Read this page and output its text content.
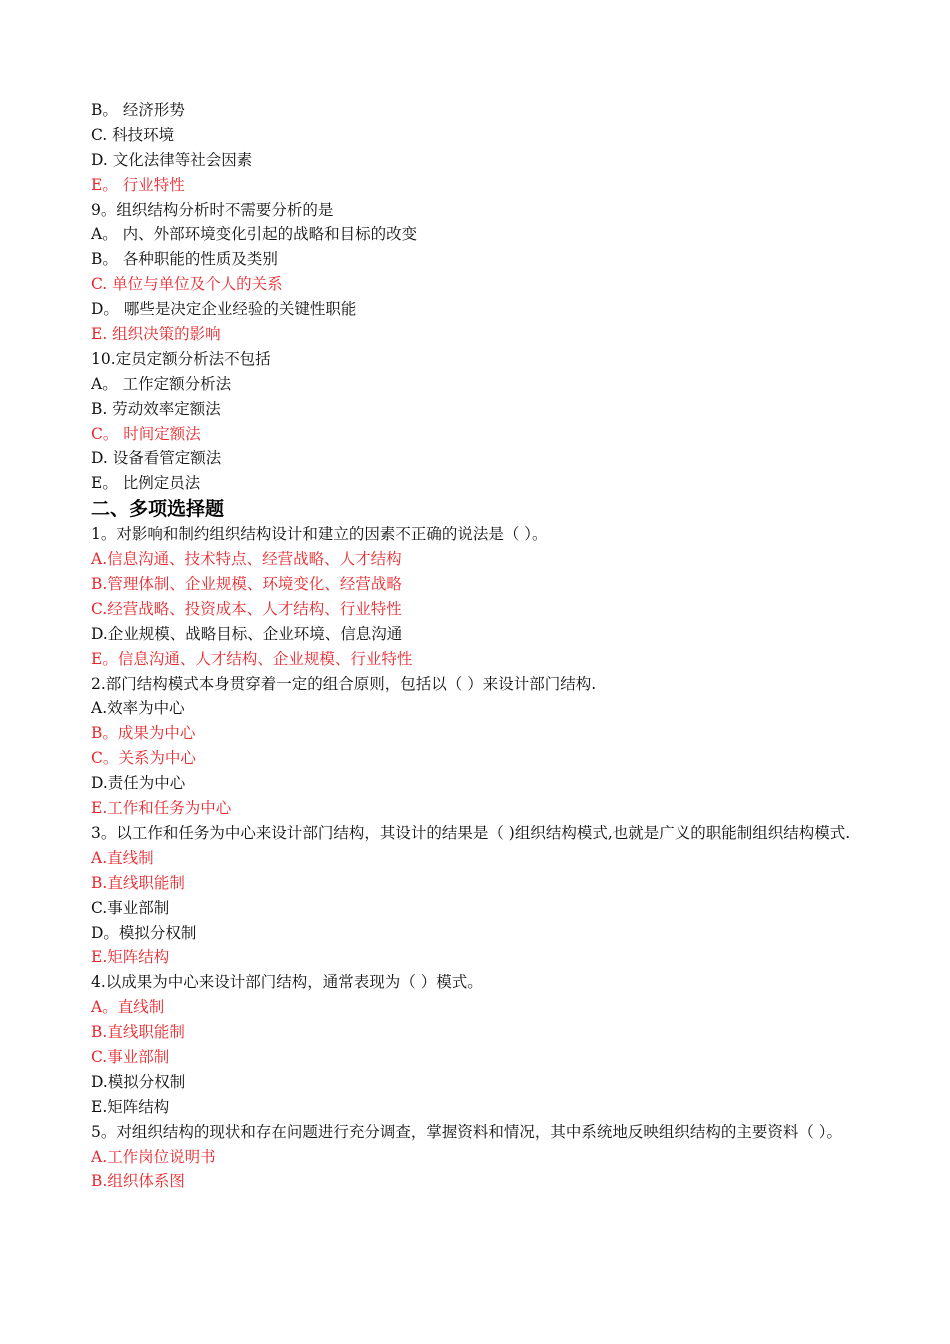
B。 经济形势
C. 科技环境
D. 文化法律等社会因素
E。 行业特性
9。组织结构分析时不需要分析的是
A。 内、外部环境变化引起的战略和目标的改变
B。 各种职能的性质及类别
C. 单位与单位及个人的关系
D。 哪些是决定企业经验的关键性职能
E. 组织决策的影响
10.定员定额分析法不包括
A。 工作定额分析法
B. 劳动效率定额法
C。 时间定额法
D. 设备看管定额法
E。 比例定员法
二、多项选择题
1。对影响和制约组织结构设计和建立的因素不正确的说法是（ ）。
A.信息沟通、技术特点、经营战略、人才结构
B.管理体制、企业规模、环境变化、经营战略
C.经营战略、投资成本、人才结构、行业特性
D.企业规模、战略目标、企业环境、信息沟通
E。信息沟通、人才结构、企业规模、行业特性
2.部门结构模式本身贯穿着一定的组合原则，包括以（ ）来设计部门结构.
A.效率为中心
B。成果为中心
C。关系为中心
D.责任为中心
E.工作和任务为中心
3。以工作和任务为中心来设计部门结构，其设计的结果是（ )组织结构模式,也就是广义的职能制组织结构模式.
A.直线制
B.直线职能制
C.事业部制
D。模拟分权制
E.矩阵结构
4.以成果为中心来设计部门结构，通常表现为（ ）模式。
A。直线制
B.直线职能制
C.事业部制
D.模拟分权制
E.矩阵结构
5。对组织结构的现状和存在问题进行充分调查，掌握资料和情况，其中系统地反映组织结构的主要资料（ ）。
A.工作岗位说明书
B.组织体系图
